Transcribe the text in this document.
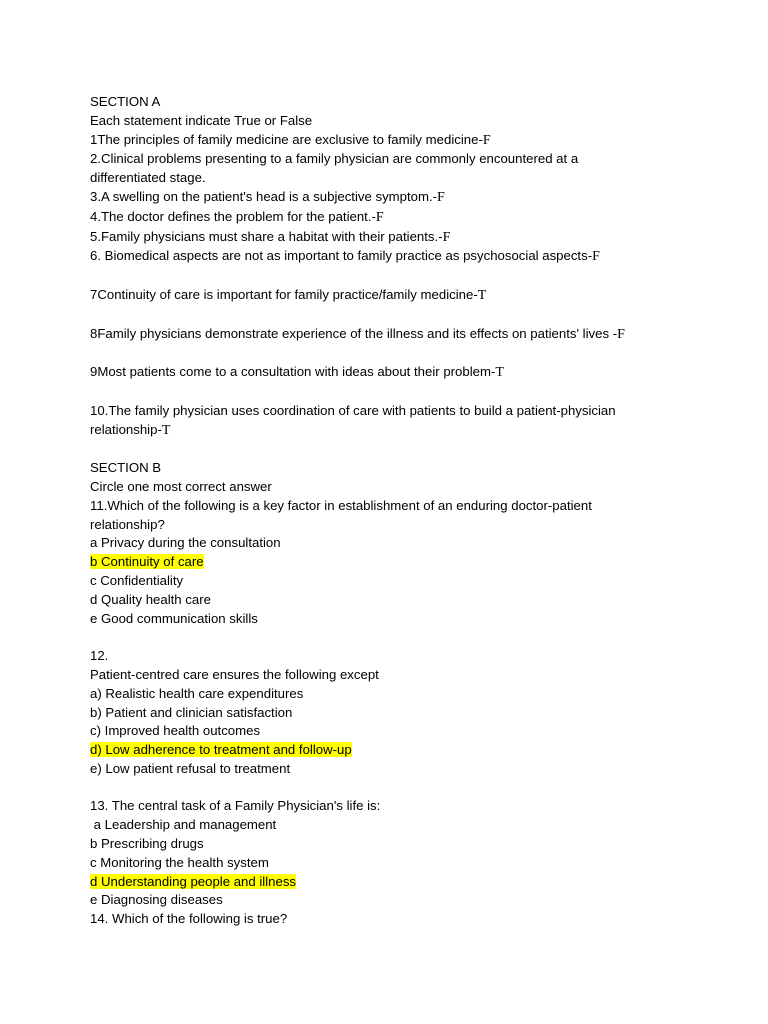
SECTION A
Each statement indicate True or False
1The principles of family medicine are exclusive to family medicine-F
2.Clinical problems presenting to a family physician are commonly encountered at a
differentiated stage.
3.A swelling on the patient's head is a subjective symptom.-F
4.The doctor defines the problem for the patient.-F
5.Family physicians must share a habitat with their patients.-F
6. Biomedical aspects are not as important to family practice as psychosocial aspects-F
7Continuity of care is important for family practice/family medicine-T
8Family physicians demonstrate experience of the illness and its effects on patients' lives -F
9Most patients come to a consultation with ideas about their problem-T
10.The family physician uses coordination of care with patients to build a patient-physician
relationship-T
SECTION B
Circle one most correct answer
11.Which of the following is a key factor in establishment of an enduring doctor-patient
relationship?
a Privacy during the consultation
b Continuity of care
c Confidentiality
d Quality health care
e Good communication skills
12.
Patient-centred care ensures the following except
a) Realistic health care expenditures
b) Patient and clinician satisfaction
c) Improved health outcomes
d) Low adherence to treatment and follow-up
e) Low patient refusal to treatment
13. The central task of a Family Physician's life is:
a Leadership and management
b Prescribing drugs
c Monitoring the health system
d Understanding people and illness
e Diagnosing diseases
14. Which of the following is true?
